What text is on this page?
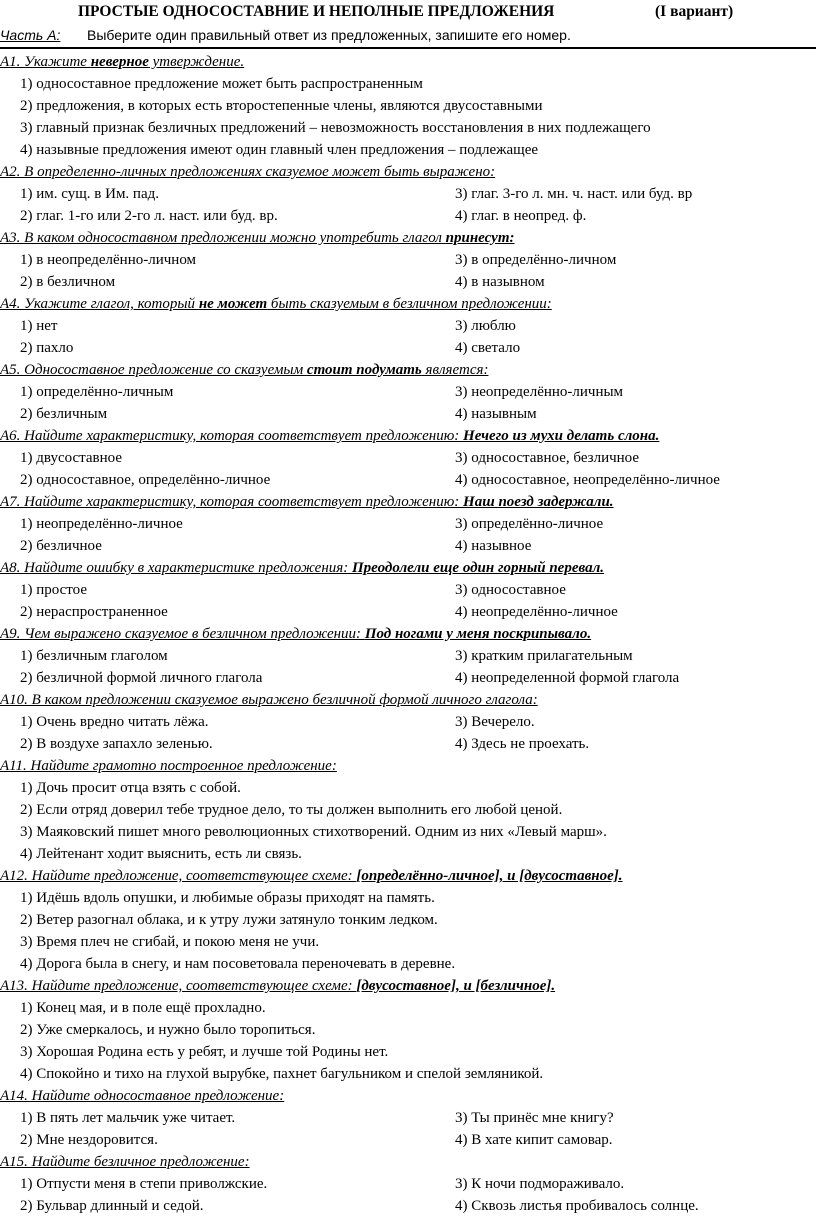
ПРОСТЫЕ ОДНОСОСТАВНИЕ И НЕПОЛНЫЕ ПРЕДЛОЖЕНИЯ	(I вариант)
Часть А: Выберите один правильный ответ из предложенных, запишите его номер.
А1. Укажите неверное утверждение.
1) односоставное предложение может быть распространенным
2) предложения, в которых есть второстепенные члены, являются двусоставными
3) главный признак безличных предложений – невозможность восстановления в них подлежащего
4) назывные предложения имеют один главный член предложения – подлежащее
А2. В определенно-личных предложениях сказуемое может быть выражено:
1) им. сущ. в Им. пад.	3) глаг. 3-го л. мн. ч. наст. или буд. вр
2) глаг. 1-го или 2-го л. наст. или буд. вр.	4) глаг. в неопред. ф.
А3. В каком односоставном предложении можно употребить глагол принесут:
1) в неопределённо-личном	3) в определённо-личном
2) в безличном	4) в назывном
А4. Укажите глагол, который не может быть сказуемым в безличном предложении:
1) нет	3) люблю
2) пахло	4) светало
А5. Односоставное предложение со сказуемым стоит подумать является:
1) определённо-личным	3) неопределённо-личным
2) безличным	4) назывным
А6. Найдите характеристику, которая соответствует предложению: Нечего из мухи делать слона.
1) двусоставное	3) односоставное, безличное
2) односоставное, определённо-личное	4) односоставное, неопределённо-личное
А7. Найдите характеристику, которая соответствует предложению: Наш поезд задержали.
1) неопределённо-личное	3) определённо-личное
2) безличное	4) назывное
А8. Найдите ошибку в характеристике предложения: Преодолели еще один горный перевал.
1) простое	3) односоставное
2) нераспространенное	4) неопределённо-личное
А9. Чем выражено сказуемое в безличном предложении: Под ногами у меня поскрипывало.
1) безличным глаголом	3) кратким прилагательным
2) безличной формой личного глагола	4) неопределенной формой глагола
А10. В каком предложении сказуемое выражено безличной формой личного глагола:
1) Очень вредно читать лёжа.	3) Вечерело.
2) В воздухе запахло зеленью.	4) Здесь не проехать.
А11. Найдите грамотно построенное предложение:
1) Дочь просит отца взять с собой.
2) Если отряд доверил тебе трудное дело, то ты должен выполнить его любой ценой.
3) Маяковский пишет много революционных стихотворений. Одним из них «Левый марш».
4) Лейтенант ходит выяснить, есть ли связь.
А12. Найдите предложение, соответствующее схеме: [определённо-личное], и [двусоставное].
1) Идёшь вдоль опушки, и любимые образы приходят на память.
2) Ветер разогнал облака, и к утру лужи затянуло тонким ледком.
3) Время плеч не сгибай, и покою меня не учи.
4) Дорога была в снегу, и нам посоветовала переночевать в деревне.
А13. Найдите предложение, соответствующее схеме: [двусоставное], и [безличное].
1) Конец мая, и в поле ещё прохладно.
2) Уже смеркалось, и нужно было торопиться.
3) Хорошая Родина есть у ребят, и лучше той Родины нет.
4) Спокойно и тихо на глухой вырубке, пахнет багульником и спелой земляникой.
А14. Найдите односоставное предложение:
1) В пять лет мальчик уже читает.	3) Ты принёс мне книгу?
2) Мне нездоровится.	4) В хате кипит самовар.
А15. Найдите безличное предложение:
1) Отпусти меня в степи приволжские.	3) К ночи подмораживало.
2) Бульвар длинный и седой.	4) Сквозь листья пробивалось солнце.
